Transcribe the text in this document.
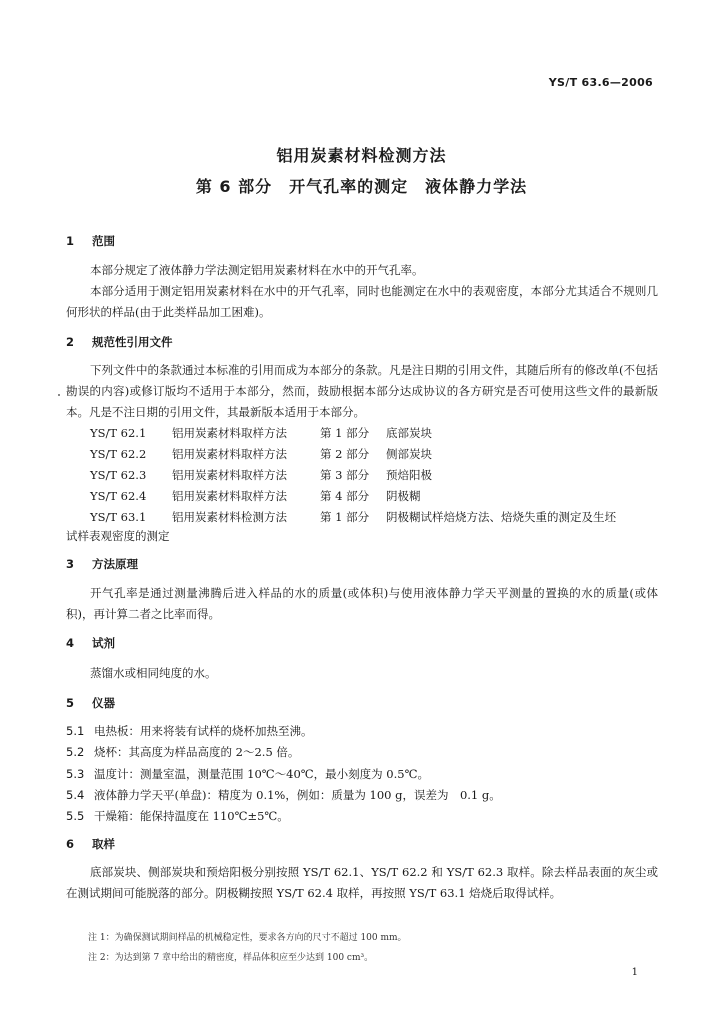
YS/T 63.6—2006
铝用炭素材料检测方法
第 6 部分　开气孔率的测定　液体静力学法
1 范围
本部分规定了液体静力学法测定铝用炭素材料在水中的开气孔率。
本部分适用于测定铝用炭素材料在水中的开气孔率，同时也能测定在水中的表观密度，本部分尤其适合不规则几何形状的样品(由于此类样品加工困难)。
2 规范性引用文件
下列文件中的条款通过本标准的引用而成为本部分的条款。凡是注日期的引用文件，其随后所有的修改单(不包括勘误的内容)或修订版均不适用于本部分，然而，鼓励根据本部分达成协议的各方研究是否可使用这些文件的最新版本。凡是不注日期的引用文件，其最新版本适用于本部分。
YS/T 62.1 铝用炭素材料取样方法	第 1 部分 底部炭块
YS/T 62.2 铝用炭素材料取样方法	第 2 部分 侧部炭块
YS/T 62.3 铝用炭素材料取样方法	第 3 部分 预焙阳极
YS/T 62.4 铝用炭素材料取样方法	第 4 部分 阴极糊
YS/T 63.1 铝用炭素材料检测方法	第 1 部分 阴极糊试样焙烧方法、焙烧失重的测定及生坯
试样表观密度的测定
3 方法原理
开气孔率是通过测量沸腾后进入样品的水的质量(或体积)与使用液体静力学天平测量的置换的水的质量(或体积)，再计算二者之比率而得。
4 试剂
蒸馏水或相同纯度的水。
5 仪器
5.1 电热板：用来将装有试样的烧杯加热至沸。
5.2 烧杯：其高度为样品高度的 2～2.5 倍。
5.3 温度计：测量室温，测量范围 10℃～40℃，最小刻度为 0.5℃。
5.4 液体静力学天平(单盘)：精度为 0.1%，例如：质量为 100 g，误差为　0.1 g。
5.5 干燥箱：能保持温度在 110℃±5℃。
6 取样
底部炭块、侧部炭块和预焙阳极分别按照 YS/T 62.1、YS/T 62.2 和 YS/T 62.3 取样。除去样品表面的灰尘或在测试期间可能脱落的部分。阴极糊按照 YS/T 62.4 取样，再按照 YS/T 63.1 焙烧后取得试样。
注 1：为确保测试期间样品的机械稳定性，要求各方向的尺寸不超过 100 mm。
注 2：为达到第 7 章中给出的精密度，样品体积应至少达到 100 cm³。
1
